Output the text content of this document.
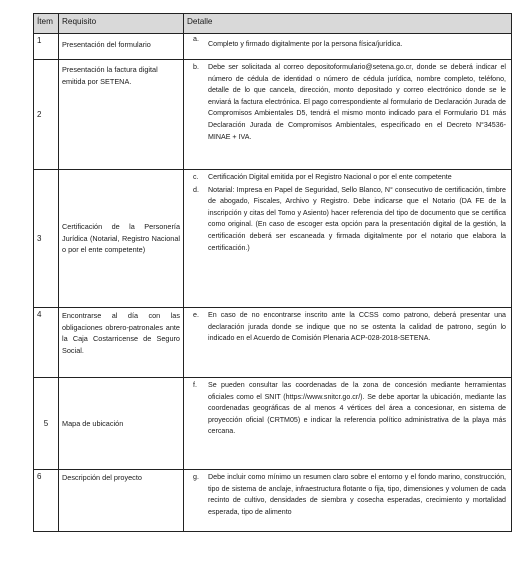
Ítem	Requisito	Detalle
1	Presentación del formulario	a.
Completo y firmado digitalmente por la persona física/jurídica.

2	Presentación la factura digital emitida por SETENA.	b. Debe ser solicitada al correo depositoformulario@setena.go.cr, donde se deberá indicar el número de cédula de identidad o número de cédula jurídica, nombre completo, teléfono, detalle de lo que cancela, dirección, monto depositado y correo electrónico donde se le enviará la factura electrónica. El pago correspondiente al formulario de Declaración Jurada de Compromisos Ambientales D5, tendrá el mismo monto indicado para el Formulario D1 más Declaración Jurada de Compromisos Ambientales, especificado en el Decreto N°34536-MINAE + IVA.

3	Certificación de la Personería Jurídica (Notarial, Registro Nacional o por el ente competente)	c. Certificación Digital emitida por el Registro Nacional o por el ente competente
d. Notarial: Impresa en Papel de Seguridad, Sello Blanco, N° consecutivo de certificación, timbre de abogado, Fiscales, Archivo y Registro. Debe indicarse que el Notario (DA FE de la inscripción y citas del Tomo y Asiento) hacer referencia del tipo de documento que se certifica como original. (En caso de escoger esta opción para la presentación digital de la gestión, la certificación deberá ser escaneada y firmada digitalmente por el notario que elabora la certificación.)

4	Encontrarse al día con las obligaciones obrero-patronales ante la Caja Costarricense de Seguro Social.	e. En caso de no encontrarse inscrito ante la CCSS como patrono, deberá presentar una declaración jurada donde se indique que no se ostenta la calidad de patrono, según lo indicado en el Acuerdo de Comisión Plenaria ACP-028-2018-SETENA.

5	Mapa de ubicación	f. Se pueden consultar las coordenadas de la zona de concesión mediante herramientas oficiales como el SNIT (https://www.snitcr.go.cr/). Se debe aportar la ubicación, mediante las coordenadas geográficas de al menos 4 vértices del área a concesionar, en sistema de proyección oficial (CRTM05) e indicar la referencia político administrativa de la playa más cercana.

6	Descripción del proyecto	g. Debe incluir como mínimo un resumen claro sobre el entorno y el fondo marino, construcción, tipo de sistema de anclaje, infraestructura flotante o fija, tipo, dimensiones y volumen de cada recinto de cultivo, densidades de siembra y cosecha esperadas, crecimiento y mortalidad esperada, tipo de alimento
